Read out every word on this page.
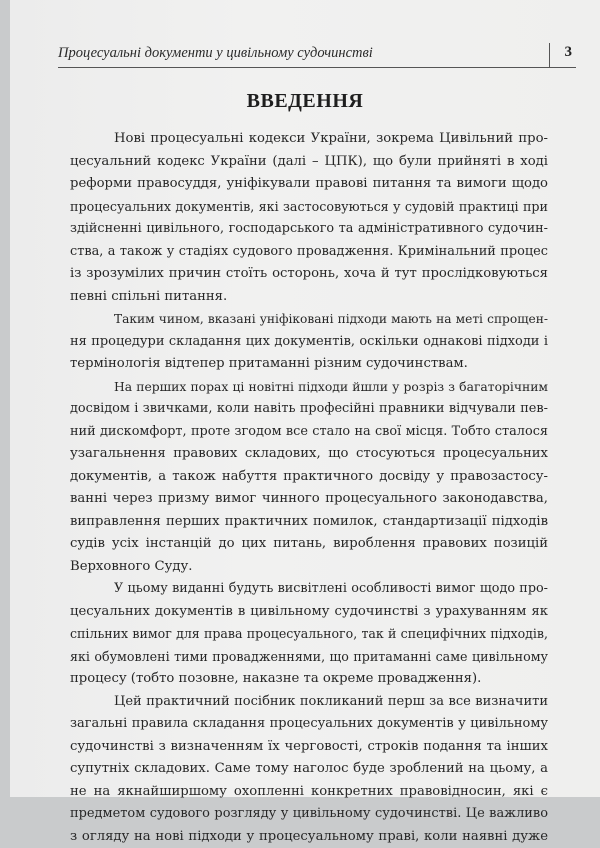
Процесуальні документи у цивільному судочинстві	3
ВВЕДЕННЯ
Нові процесуальні кодекси України, зокрема Цивільний про-
цесуальний кодекс України (далі – ЦПК), що були прийняті в ході
реформи правосуддя, уніфікували правові питання та вимоги щодо
процесуальних документів, які застосовуються у судовій практиці при
здійсненні цивільного, господарського та адміністративного судочин-
ства, а також у стадіях судового провадження. Кримінальний процес
із зрозумілих причин стоїть осторонь, хоча й тут прослідковуються
певні спільні питання.
Таким чином, вказані уніфіковані підходи мають на меті спрощен-
ня процедури складання цих документів, оскільки однакові підходи і
термінологія відтепер притаманні різним судочинствам.
На перших порах ці новітні підходи йшли у розріз з багаторічним
досвідом і звичками, коли навіть професійні правники відчували пев-
ний дискомфорт, проте згодом все стало на свої місця. Тобто сталося
узагальнення правових складових, що стосуються процесуальних
документів, а також набуття практичного досвіду у правозастосу-
ванні через призму вимог чинного процесуального законодавства,
виправлення перших практичних помилок, стандартизації підходів
судів усіх інстанцій до цих питань, вироблення правових позицій
Верховного Суду.
У цьому виданні будуть висвітлені особливості вимог щодо про-
цесуальних документів в цивільному судочинстві з урахуванням як
спільних вимог для права процесуального, так й специфічних підходів,
які обумовлені тими провадженнями, що притаманні саме цивільному
процесу (тобто позовне, наказне та окреме провадження).
Цей практичний посібник покликаний перш за все визначити
загальні правила складання процесуальних документів у цивільному
судочинстві з визначенням їх черговості, строків подання та інших
супутніх складових. Саме тому наголос буде зроблений на цьому, а
не на якнайширшому охопленні конкретних правовідносин, які є
предметом судового розгляду у цивільному судочинстві. Це важливо
з огляду на нові підходи у процесуальному праві, коли наявні дуже
